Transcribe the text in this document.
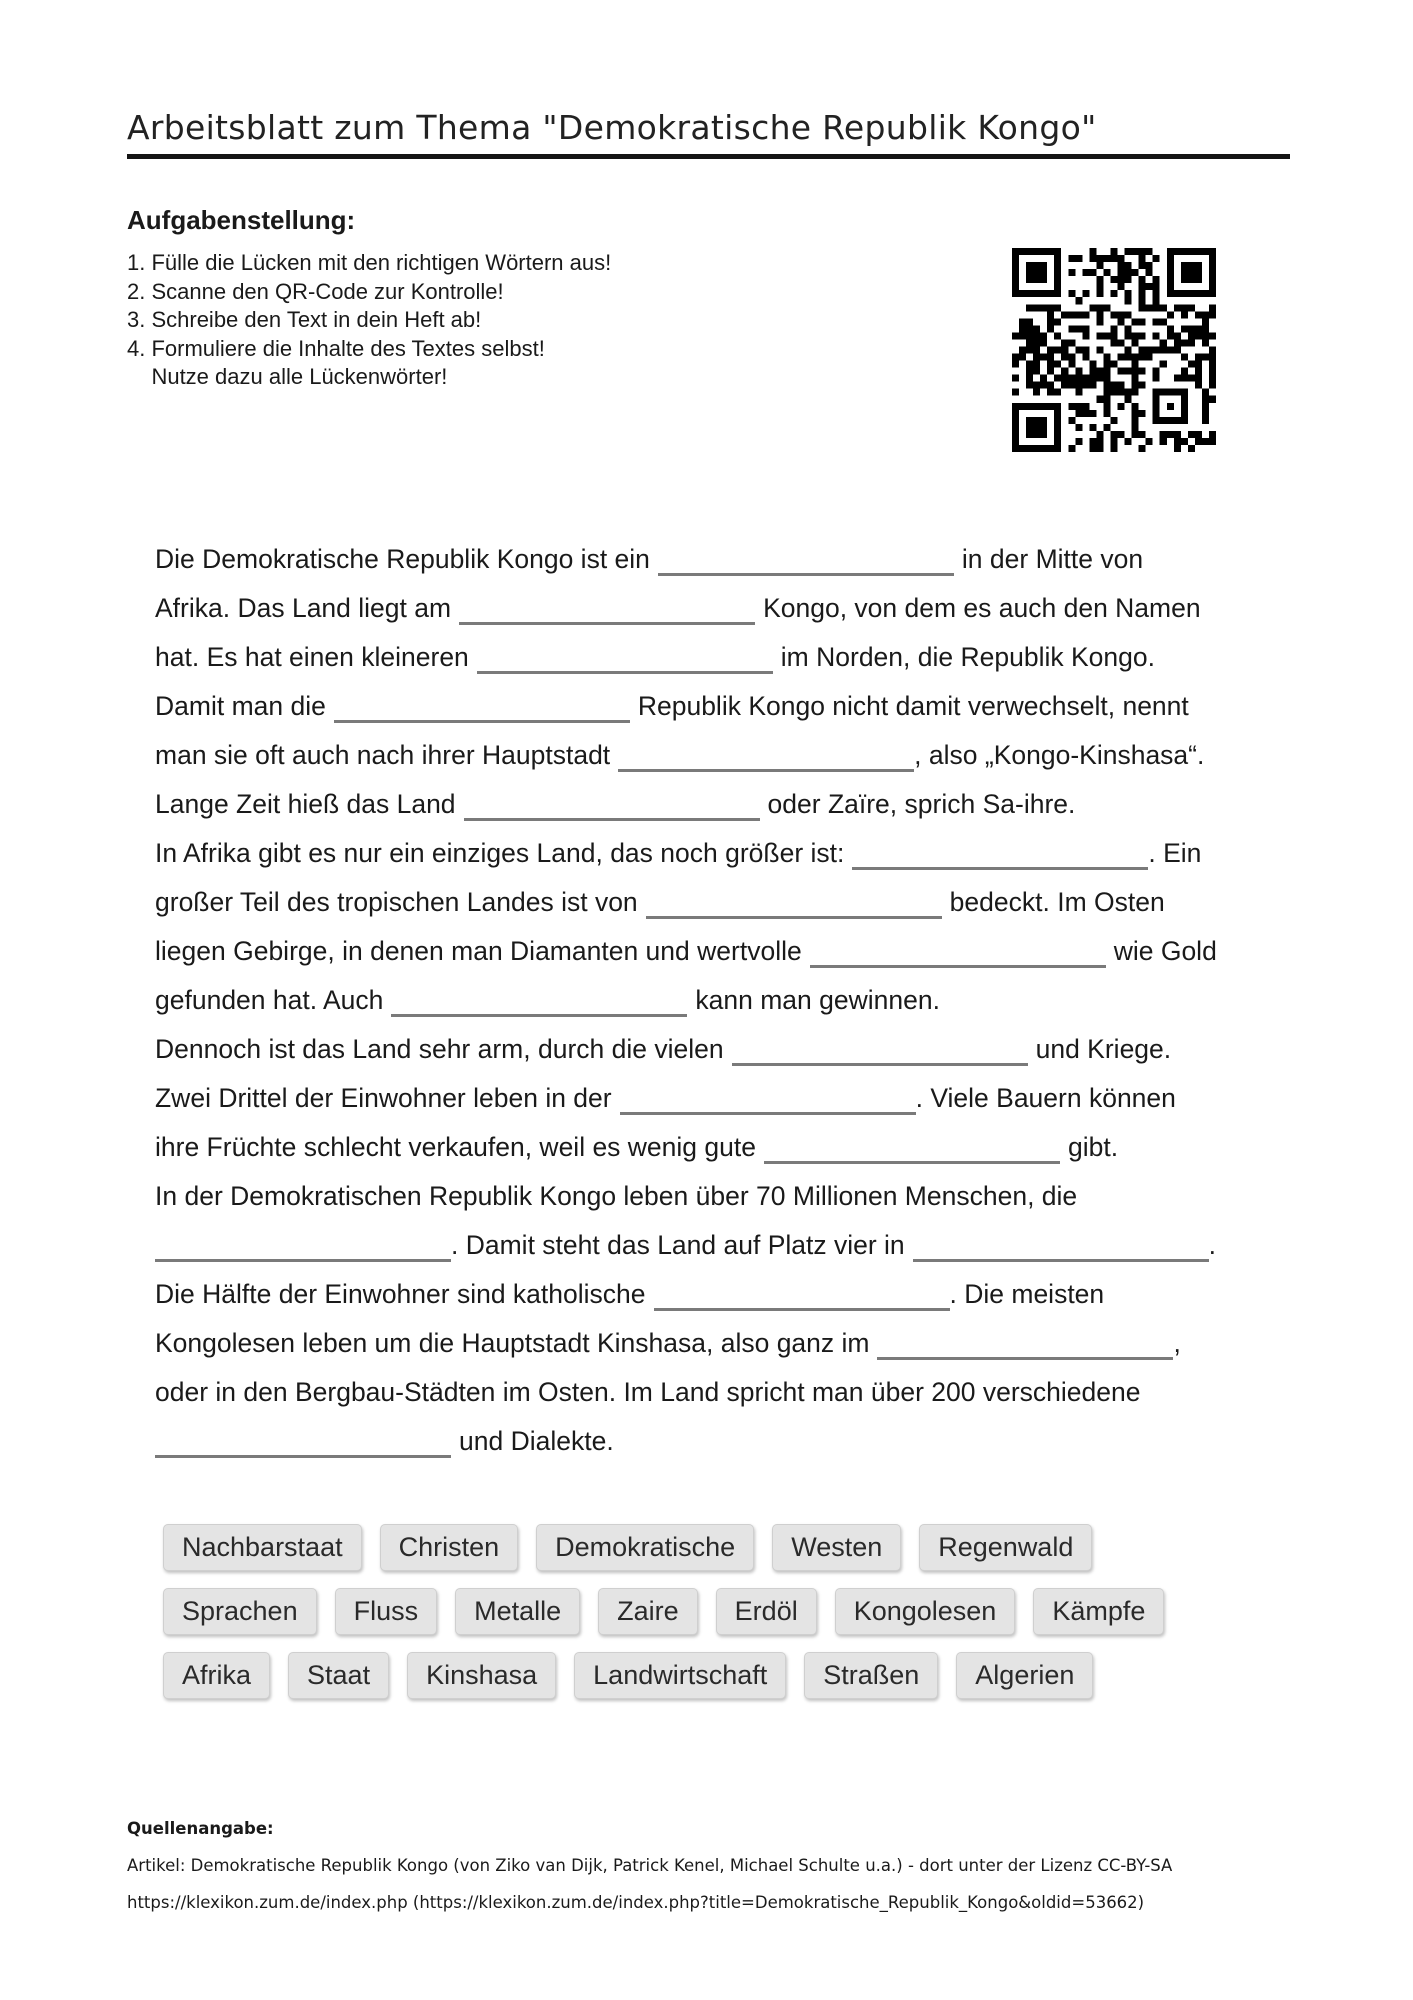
Arbeitsblatt zum Thema "Demokratische Republik Kongo"
Aufgabenstellung:
1. Fülle die Lücken mit den richtigen Wörtern aus!
2. Scanne den QR-Code zur Kontrolle!
3. Schreibe den Text in dein Heft ab!
4. Formuliere die Inhalte des Textes selbst!
Nutze dazu alle Lückenwörter!
Die Demokratische Republik Kongo ist ein	in der Mitte von
Afrika. Das Land liegt am	Kongo, von dem es auch den Namen
hat. Es hat einen kleineren	im Norden, die Republik Kongo.
Damit man die	Republik Kongo nicht damit verwechselt, nennt
man sie oft auch nach ihrer Hauptstadt	, also „Kongo-Kinshasa“.
Lange Zeit hieß das Land	oder Zaïre, sprich Sa-ihre.
In Afrika gibt es nur ein einziges Land, das noch größer ist:	. Ein
großer Teil des tropischen Landes ist von	bedeckt. Im Osten
liegen Gebirge, in denen man Diamanten und wertvolle	wie Gold
gefunden hat. Auch	kann man gewinnen.
Dennoch ist das Land sehr arm, durch die vielen	und Kriege.
Zwei Drittel der Einwohner leben in der	. Viele Bauern können
ihre Früchte schlecht verkaufen, weil es wenig gute	gibt.
In der Demokratischen Republik Kongo leben über 70 Millionen Menschen, die
. Damit steht das Land auf Platz vier in	.
Die Hälfte der Einwohner sind katholische	. Die meisten
Kongolesen leben um die Hauptstadt Kinshasa, also ganz im	,
oder in den Bergbau-Städten im Osten. Im Land spricht man über 200 verschiedene
und Dialekte.
Nachbarstaat	Christen	Demokratische	Westen	Regenwald
Sprachen	Fluss	Metalle	Zaire	Erdöl	Kongolesen	Kämpfe
Afrika	Staat	Kinshasa	Landwirtschaft	Straßen	Algerien
Quellenangabe:
Artikel: Demokratische Republik Kongo (von Ziko van Dijk, Patrick Kenel, Michael Schulte u.a.) - dort unter der Lizenz CC-BY-SA
https://klexikon.zum.de/index.php (https://klexikon.zum.de/index.php?title=Demokratische_Republik_Kongo&oldid=53662)
